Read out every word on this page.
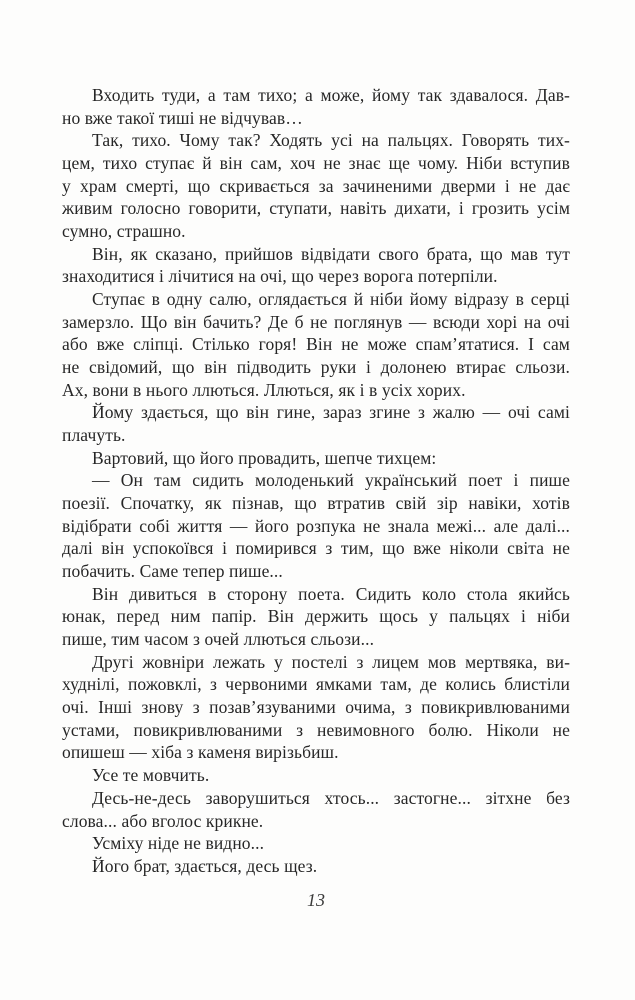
Входить туди, а там тихо; а може, йому так здавалося. Дав-
но вже такої тиші не відчував…
Так, тихо. Чому так? Ходять усі на пальцях. Говорять тих-
цем, тихо ступає й він сам, хоч не знає ще чому. Ніби вступив
у храм смерті, що скривається за зачиненими дверми і не дає
живим голосно говорити, ступати, навіть дихати, і грозить усім
сумно, страшно.
Він, як сказано, прийшов відвідати свого брата, що мав тут
знаходитися і лічитися на очі, що через ворога потерпіли.
Ступає в одну салю, оглядається й ніби йому відразу в серці
замерзло. Що він бачить? Де б не поглянув — всюди хорі на очі
або вже сліпці. Стілько горя! Він не може спам’ятатися. І сам
не свідомий, що він підводить руки і долонею втирає сльози.
Ах, вони в нього ллються. Ллються, як і в усіх хорих.
Йому здається, що він гине, зараз згине з жалю — очі самі
плачуть.
Вартовий, що його провадить, шепче тихцем:
— Он там сидить молоденький український поет і пише
поезії. Спочатку, як пізнав, що втратив свій зір навіки, хотів
відібрати собі життя — його розпука не знала межі... але далі...
далі він успокоївся і помирився з тим, що вже ніколи світа не
побачить. Саме тепер пише...
Він дивиться в сторону поета. Сидить коло стола якийсь
юнак, перед ним папір. Він держить щось у пальцях і ніби
пише, тим часом з очей ллються сльози...
Другі жовніри лежать у постелі з лицем мов мертвяка, ви-
худнілі, пожовклі, з червоними ямками там, де колись блистіли
очі. Інші знову з позав’язуваними очима, з повикривлюваними
устами, повикривлюваними з невимовного болю. Ніколи не
опишеш — хіба з каменя вирізьбиш.
Усе те мовчить.
Десь-не-десь заворушиться хтось... застогне... зітхне без
слова... або вголос крикне.
Усміху ніде не видно...
Його брат, здається, десь щез.
13
